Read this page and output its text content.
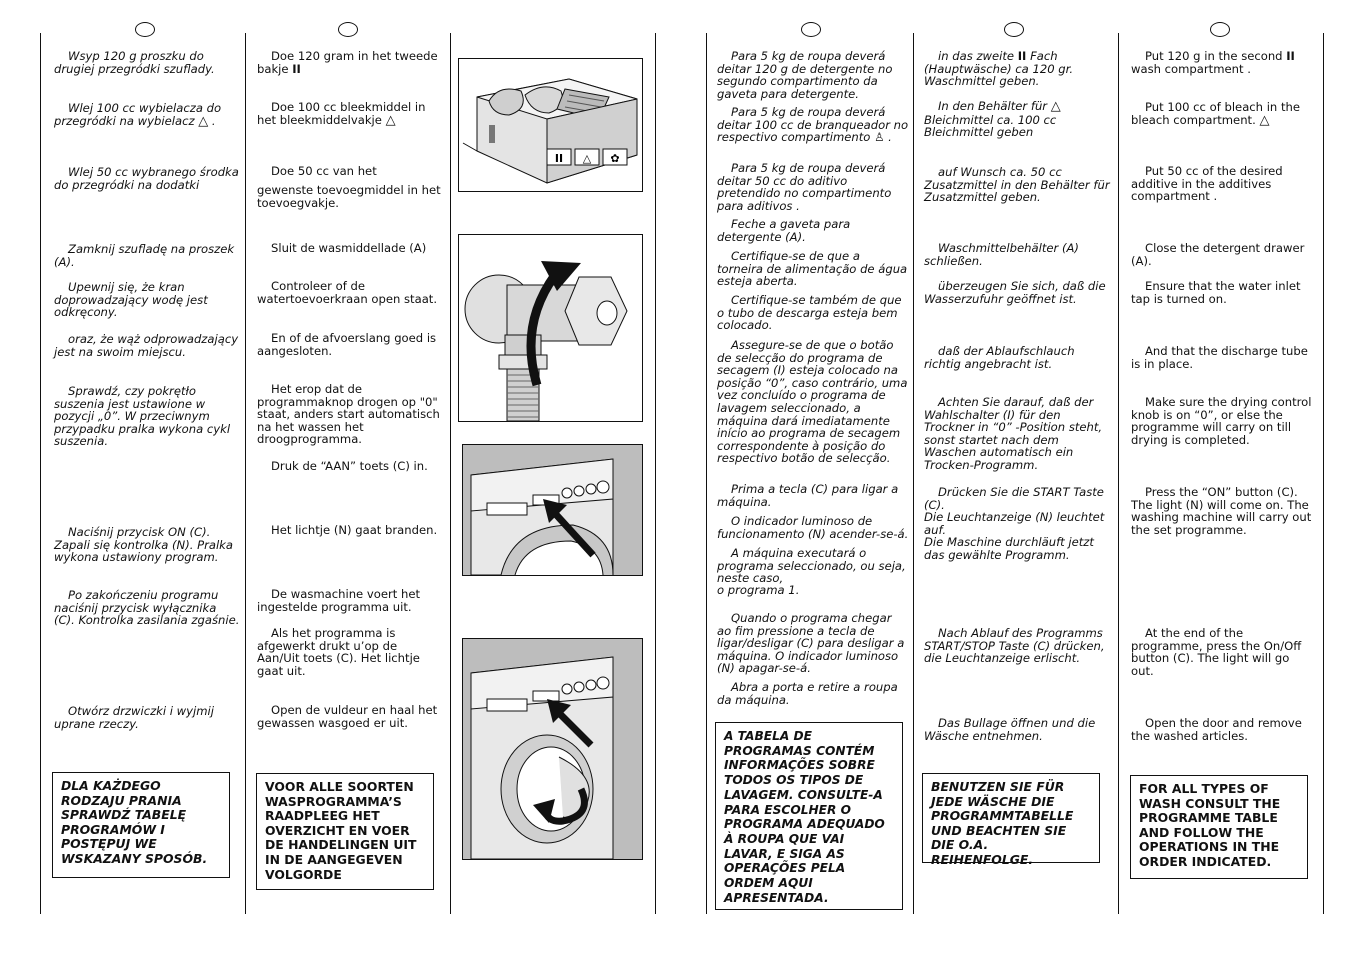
Wsyp 120 g proszku do drugiej przegródki szuflady.

Wlej 100 cc wybielacza do przegródki na wybielacz △ .

Wlej 50 cc wybranego środka do przegródki na dodatki

Zamknij szufladę na proszek (A).

Upewnij się, że kran doprowadzający wodę jest odkręcony.

oraz, że wąż odprowadzający jest na swoim miejscu.

Sprawdź, czy pokrętło suszenia jest ustawione w pozycji „0”. W przeciwnym przypadku pralka wykona cykl suszenia.

Naciśnij przycisk ON (C). Zapali się kontrolka (N). Pralka wykona ustawiony program.

Po zakończeniu programu naciśnij przycisk wyłącznika (C). Kontrolka zasilania zgaśnie.

Otwórz drzwiczki i wyjmij uprane rzeczy.

DLA KAŻDEGO RODZAJU PRANIA SPRAWDŹ TABELĘ PROGRAMÓW I POSTĘPUJ WE WSKAZANY SPOSÓB.

Doe 120 gram in het tweede bakje II

Doe 100 cc bleekmiddel in het bleekmiddelvakje △

Doe 50 cc van het

gewenste toevoegmiddel in het toevoegvakje.

Sluit de wasmiddellade (A)

Controleer of de watertoevoerkraan open staat.

En of de afvoerslang goed is aangesloten.

Het erop dat de programmaknop drogen op "0" staat, anders start automatisch na het wassen het droogprogramma.

Druk de “AAN” toets (C) in.

Het lichtje (N) gaat branden.

De wasmachine voert het ingestelde programma uit.

Als het programma is afgewerkt drukt u’op de Aan/Uit toets (C). Het lichtje gaat uit.

Open de vuldeur en haal het gewassen wasgoed er uit.

VOOR ALLE SOORTEN WASPROGRAMMA’S RAADPLEEG HET OVERZICHT EN VOER DE HANDELINGEN UIT IN DE AANGEGEVEN VOLGORDE
II △ ✿

Para 5 kg de roupa deverá deitar 120 g de detergente no segundo compartimento da gaveta para detergente.

Para 5 kg de roupa deverá deitar 100 cc de branqueador no respectivo compartimento ♙ .

Para 5 kg de roupa deverá deitar 50 cc do aditivo pretendido no compartimento para aditivos .

Feche a gaveta para detergente (A).

Certifique-se de que a torneira de alimentação de água esteja aberta.

Certifique-se também de que o tubo de descarga esteja bem colocado.

Assegure-se de que o botão de selecção do programa de secagem (I) esteja colocado na posição “0”, caso contrário, uma vez concluído o programa de lavagem seleccionado, a máquina dará imediatamente início ao programa de secagem correspondente à posição do respectivo botão de selecção.

Prima a tecla (C) para ligar a máquina.

O indicador luminoso de funcionamento (N) acender-se-á.

A máquina executará o programa seleccionado, ou seja, neste caso,

o programa 1.

Quando o programa chegar ao fim pressione a tecla de ligar/desligar (C) para desligar a máquina. O indicador luminoso (N) apagar-se-á.

Abra a porta e retire a roupa da máquina.

A TABELA DE PROGRAMAS CONTÉM INFORMAÇÕES SOBRE TODOS OS TIPOS DE LAVAGEM. CONSULTE-A PARA ESCOLHER O PROGRAMA ADEQUADO À ROUPA QUE VAI LAVAR, E SIGA AS OPERAÇÕES PELA ORDEM AQUI APRESENTADA.

in das zweite II Fach (Hauptwäsche) ca 120 gr. Waschmittel geben.

In den Behälter für △
Bleichmittel ca. 100 cc Bleichmittel geben

auf Wunsch ca. 50 cc Zusatzmittel in den Behälter für Zusatzmittel geben.

Waschmittelbehälter (A) schließen.

überzeugen Sie sich, daß die Wasserzufuhr geöffnet ist.

daß der Ablaufschlauch richtig angebracht ist.

Achten Sie darauf, daß der Wahlschalter (I) für den Trockner in “0” -Position steht, sonst startet nach dem Waschen automatisch ein Trocken-Programm.

Drücken Sie die START Taste (C).
Die Leuchtanzeige (N) leuchtet auf.
Die Maschine durchläuft jetzt das gewählte Programm.

Nach Ablauf des Programms START/STOP Taste (C) drücken, die Leuchtanzeige erlischt.

Das Bullage öffnen und die Wäsche entnehmen.

BENUTZEN SIE FÜR JEDE WÄSCHE DIE PROGRAMMTABELLE UND BEACHTEN SIE DIE O.A. REIHENFOLGE.

Put 120 g in the second II
wash compartment .

Put 100 cc of bleach in the bleach compartment. △

Put 50 cc of the desired additive in the additives compartment .

Close the detergent drawer (A).

Ensure that the water inlet tap is turned on.

And that the discharge tube is in place.

Make sure the drying control knob is on “0”, or else the programme will carry on till drying is completed.

Press the “ON” button (C). The light (N) will come on. The washing machine will carry out the set programme.

At the end of the programme, press the On/Off button (C). The light will go out.

Open the door and remove the washed articles.

FOR ALL TYPES OF WASH CONSULT THE PROGRAMME TABLE AND FOLLOW THE OPERATIONS IN THE ORDER INDICATED.
